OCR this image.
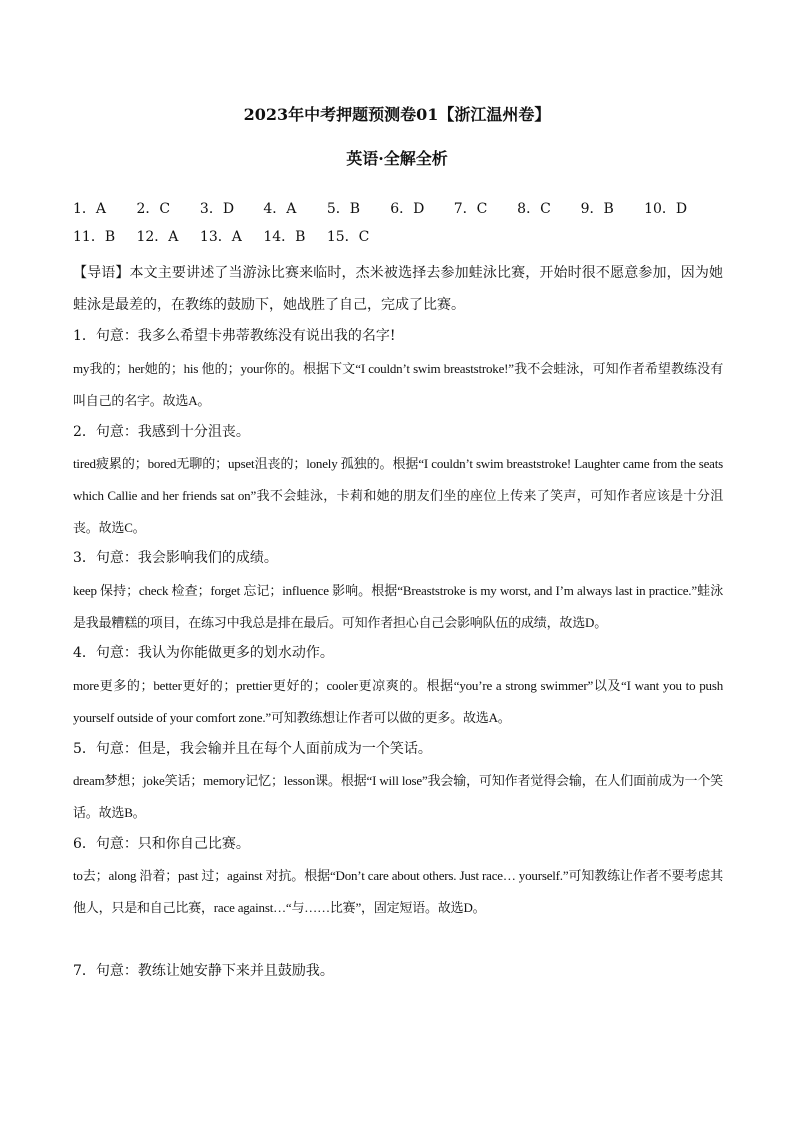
2023年中考押题预测卷01【浙江温州卷】
英语·全解全析
1．A 2．C 3．D 4．A 5．B 6．D 7．C 8．C 9．B 10．D 11．B 12．A 13．A 14．B 15．C

【导语】本文主要讲述了当游泳比赛来临时，杰米被选择去参加蛙泳比赛，开始时很不愿意参加，因为她蛙泳是最差的，在教练的鼓励下，她战胜了自己，完成了比赛。

1．句意：我多么希望卡弗蒂教练没有说出我的名字!

my我的；her她的；his 他的；your你的。根据下文“I couldn’t swim breaststroke!”我不会蛙泳，可知作者希望教练没有叫自己的名字。故选A。

2．句意：我感到十分沮丧。

tired疲累的；bored无聊的；upset沮丧的；lonely 孤独的。根据“I couldn’t swim breaststroke! Laughter came from the seats which Callie and her friends sat on”我不会蛙泳，卡莉和她的朋友们坐的座位上传来了笑声，可知作者应该是十分沮丧。故选C。

3．句意：我会影响我们的成绩。

keep 保持；check 检查；forget 忘记；influence 影响。根据“Breaststroke is my worst, and I’m always last in practice.”蛙泳是我最糟糕的项目，在练习中我总是排在最后。可知作者担心自己会影响队伍的成绩，故选D。

4．句意：我认为你能做更多的划水动作。

more更多的；better更好的；prettier更好的；cooler更凉爽的。根据“you’re a strong swimmer”以及“I want you to push yourself outside of your comfort zone.”可知教练想让作者可以做的更多。故选A。

5．句意：但是，我会输并且在每个人面前成为一个笑话。

dream梦想；joke笑话；memory记忆；lesson课。根据“I will lose”我会输，可知作者觉得会输，在人们面前成为一个笑话。故选B。

6．句意：只和你自己比赛。

to去；along 沿着；past 过；against 对抗。根据“Don’t care about others. Just race… yourself.”可知教练让作者不要考虑其他人，只是和自己比赛，race against…“与……比赛”，固定短语。故选D。

7．句意：教练让她安静下来并且鼓励我。
